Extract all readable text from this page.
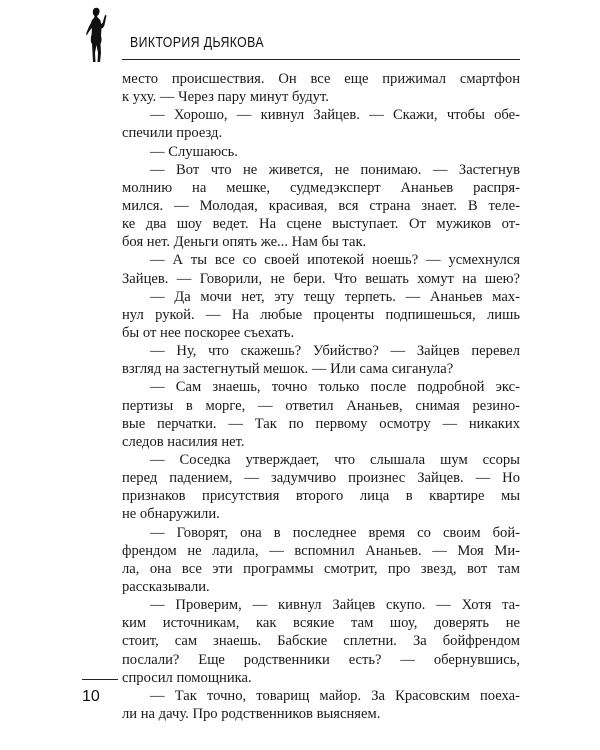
ВИКТОРИЯ ДЬЯКОВА
место происшествия. Он все еще прижимал смартфон
к уху. — Через пару минут будут.
— Хорошо, — кивнул Зайцев. — Скажи, чтобы обе-
спечили проезд.
— Слушаюсь.
— Вот что не живется, не понимаю. — Застегнув
молнию на мешке, судмедэксперт Ананьев распря-
мился. — Молодая, красивая, вся страна знает. В теле-
ке два шоу ведет. На сцене выступает. От мужиков от-
боя нет. Деньги опять же... Нам бы так.
— А ты все со своей ипотекой ноешь? — усмехнулся
Зайцев. — Говорили, не бери. Что вешать хомут на шею?
— Да мочи нет, эту тещу терпеть. — Ананьев мах-
нул рукой. — На любые проценты подпишешься, лишь
бы от нее поскорее съехать.
— Ну, что скажешь? Убийство? — Зайцев перевел
взгляд на застегнутый мешок. — Или сама сиганула?
— Сам знаешь, точно только после подробной экс-
пертизы в морге, — ответил Ананьев, снимая резино-
вые перчатки. — Так по первому осмотру — никаких
следов насилия нет.
— Соседка утверждает, что слышала шум ссоры
перед падением, — задумчиво произнес Зайцев. — Но
признаков присутствия второго лица в квартире мы
не обнаружили.
— Говорят, она в последнее время со своим бой-
френдом не ладила, — вспомнил Ананьев. — Моя Ми-
ла, она все эти программы смотрит, про звезд, вот там
рассказывали.
— Проверим, — кивнул Зайцев скупо. — Хотя та-
ким источникам, как всякие там шоу, доверять не
стоит, сам знаешь. Бабские сплетни. За бойфрендом
послали? Еще родственники есть? — обернувшись,
спросил помощника.
— Так точно, товарищ майор. За Красовским поеха-
ли на дачу. Про родственников выясняем.
10
